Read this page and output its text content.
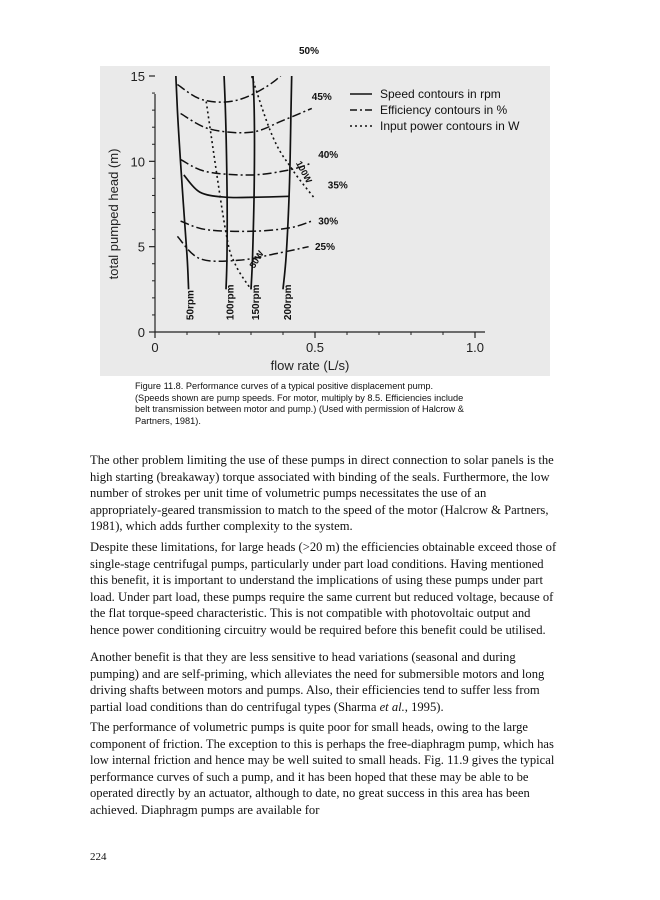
0
5
10
15
0	0.5	1.0
flow rate (L/s)
total pumped head (m)
50%
45%
40%
35%
30%
25%
50rpm	100rpm 150rpm 200rpm
100W
50W
Speed contours in rpm
Efficiency contours in %
Input power contours in W

Figure 11.8. Performance curves of a typical positive displacement pump.

(Speeds shown are pump speeds. For motor, multiply by 8.5. Efficiencies include

belt transmission between motor and pump.) (Used with permission of Halcrow &

Partners, 1981).

The other problem limiting the use of these pumps in direct connection to solar panels is the high starting (breakaway) torque associated with binding of the seals. Furthermore, the low number of strokes per unit time of volumetric pumps necessitates the use of an appropriately-geared transmission to match to the speed of the motor (Halcrow & Partners, 1981), which adds further complexity to the system.

Despite these limitations, for large heads (>20 m) the efficiencies obtainable exceed those of single-stage centrifugal pumps, particularly under part load conditions. Having mentioned this benefit, it is important to understand the implications of using these pumps under part load. Under part load, these pumps require the same current but reduced voltage, because of the flat torque-speed characteristic. This is not compatible with photovoltaic output and hence power conditioning circuitry would be required before this benefit could be utilised.

Another benefit is that they are less sensitive to head variations (seasonal and during pumping) and are self-priming, which alleviates the need for submersible motors and long driving shafts between motors and pumps. Also, their efficiencies tend to suffer less from partial load conditions than do centrifugal types (Sharma et al., 1995).

The performance of volumetric pumps is quite poor for small heads, owing to the large component of friction. The exception to this is perhaps the free-diaphragm pump, which has low internal friction and hence may be well suited to small heads. Fig. 11.9 gives the typical performance curves of such a pump, and it has been hoped that these may be able to be operated directly by an actuator, although to date, no great success in this area has been achieved. Diaphragm pumps are available for

224
